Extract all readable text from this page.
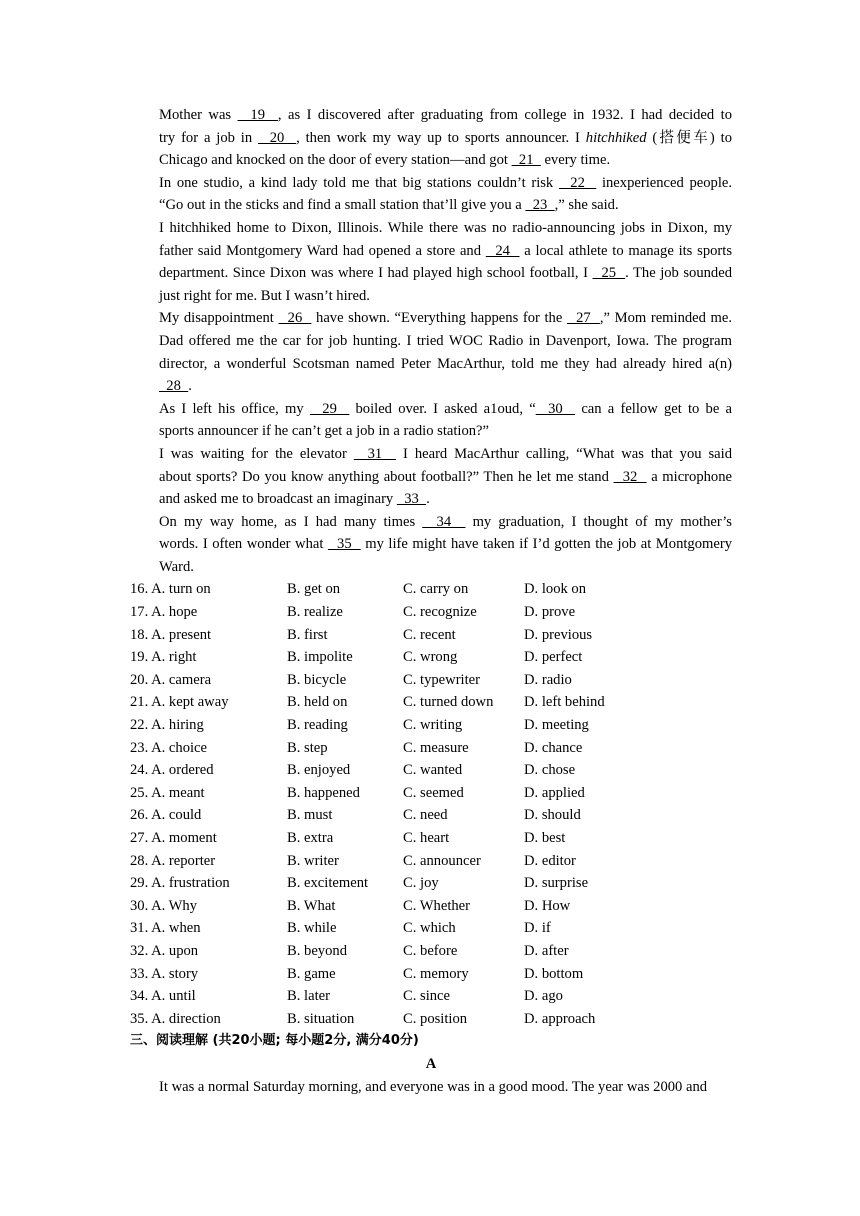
Mother was   19  , as I discovered after graduating from college in 1932. I had decided to
try for a job in   20  , then work my way up to sports announcer. I hitchhiked (搭便车) to
Chicago and knocked on the door of every station—and got   21   every time.

In one studio, a kind lady told me that big stations couldn’t risk   22   inexperienced people.
“Go out in the sticks and find a small station that’ll give you a   23  ,” she said.

I hitchhiked home to Dixon, Illinois. While there was no radio-announcing jobs in Dixon, my
father said Montgomery Ward had opened a store and   24   a local athlete to manage its sports
department. Since Dixon was where I had played high school football, I   25  . The job sounded
just right for me. But I wasn’t hired.

My disappointment   26   have shown. “Everything happens for the   27  ,” Mom reminded me.
Dad offered me the car for job hunting. I tried WOC Radio in Davenport, Iowa. The program
director, a wonderful Scotsman named Peter MacArthur, told me they had already hired a(n)
28  .

As I left his office, my   29   boiled over. I asked a1oud, “  30   can a fellow get to be a
sports announcer if he can’t get a job in a radio station?”

I was waiting for the elevator   31   I heard MacArthur calling, “What was that you said
about sports? Do you know anything about football?” Then he let me stand   32   a microphone
and asked me to broadcast an imaginary   33  .

On my way home, as I had many times   34   my graduation, I thought of my mother’s
words. I often wonder what   35   my life might have taken if I’d gotten the job at Montgomery
Ward.

16. A. turn on	B. get on	C. carry on	D. look on
17. A. hope	B. realize	C. recognize	D. prove
18. A. present	B. first	C. recent	D. previous
19. A. right	B. impolite	C. wrong	D. perfect
20. A. camera	B. bicycle	C. typewriter	D. radio
21. A. kept away	B. held on	C. turned down	D. left behind
22. A. hiring	B. reading	C. writing	D. meeting
23. A. choice	B. step	C. measure	D. chance
24. A. ordered	B. enjoyed	C. wanted	D. chose
25. A. meant	B. happened	C. seemed	D. applied
26. A. could	B. must	C. need	D. should
27. A. moment	B. extra	C. heart	D. best
28. A. reporter	B. writer	C. announcer	D. editor
29. A. frustration	B. excitement	C. joy	D. surprise
30. A. Why	B. What	C. Whether	D. How
31. A. when	B. while	C. which	D. if
32. A. upon	B. beyond	C. before	D. after
33. A. story	B. game	C. memory	D. bottom
34. A. until	B. later	C. since	D. ago
35. A. direction	B. situation	C. position	D. approach
三、阅读理解 (共20小题; 每小题2分, 满分40分)
A

It was a normal Saturday morning, and everyone was in a good mood. The year was 2000 and
